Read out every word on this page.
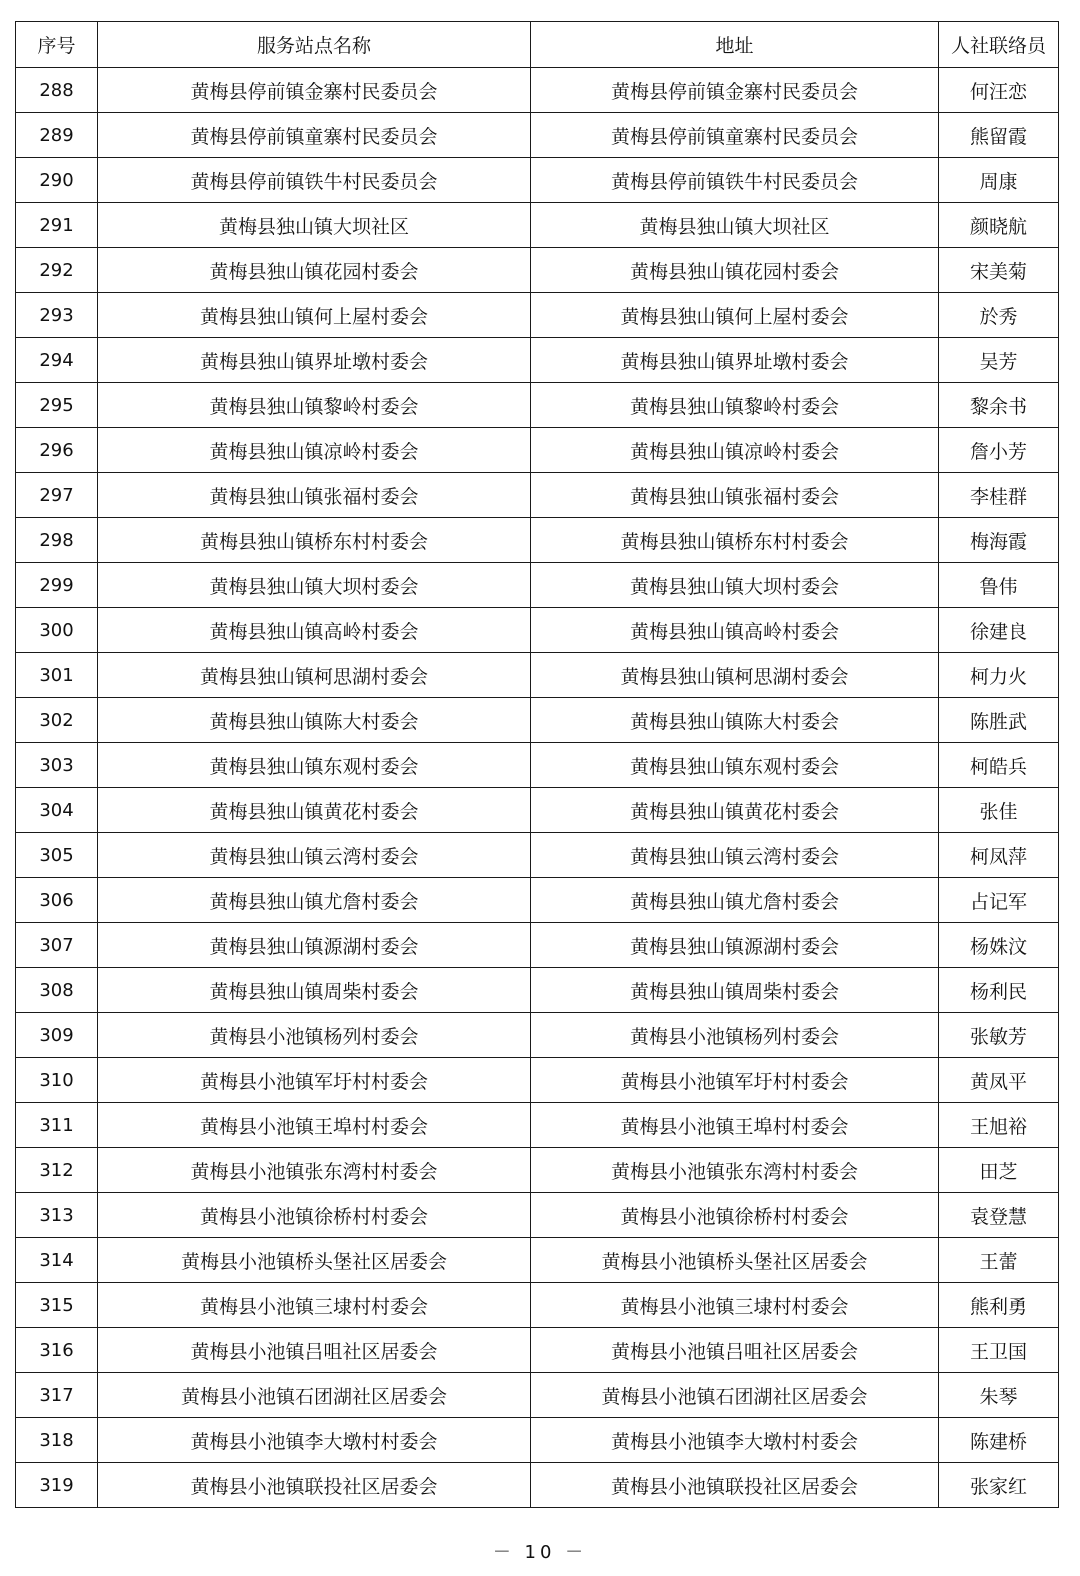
序号	服务站点名称	地址	人社联络员
288	黄梅县停前镇金寨村民委员会	黄梅县停前镇金寨村民委员会	何汪恋
289	黄梅县停前镇童寨村民委员会	黄梅县停前镇童寨村民委员会	熊留霞
290	黄梅县停前镇铁牛村民委员会	黄梅县停前镇铁牛村民委员会	周康
291	黄梅县独山镇大坝社区	黄梅县独山镇大坝社区	颜晓航
292	黄梅县独山镇花园村委会	黄梅县独山镇花园村委会	宋美菊
293	黄梅县独山镇何上屋村委会	黄梅县独山镇何上屋村委会	於秀
294	黄梅县独山镇界址墩村委会	黄梅县独山镇界址墩村委会	吴芳
295	黄梅县独山镇黎岭村委会	黄梅县独山镇黎岭村委会	黎余书
296	黄梅县独山镇凉岭村委会	黄梅县独山镇凉岭村委会	詹小芳
297	黄梅县独山镇张福村委会	黄梅县独山镇张福村委会	李桂群
298	黄梅县独山镇桥东村村委会	黄梅县独山镇桥东村村委会	梅海霞
299	黄梅县独山镇大坝村委会	黄梅县独山镇大坝村委会	鲁伟
300	黄梅县独山镇高岭村委会	黄梅县独山镇高岭村委会	徐建良
301	黄梅县独山镇柯思湖村委会	黄梅县独山镇柯思湖村委会	柯力火
302	黄梅县独山镇陈大村委会	黄梅县独山镇陈大村委会	陈胜武
303	黄梅县独山镇东观村委会	黄梅县独山镇东观村委会	柯皓兵
304	黄梅县独山镇黄花村委会	黄梅县独山镇黄花村委会	张佳
305	黄梅县独山镇云湾村委会	黄梅县独山镇云湾村委会	柯凤萍
306	黄梅县独山镇尤詹村委会	黄梅县独山镇尤詹村委会	占记军
307	黄梅县独山镇源湖村委会	黄梅县独山镇源湖村委会	杨姝汶
308	黄梅县独山镇周柴村委会	黄梅县独山镇周柴村委会	杨利民
309	黄梅县小池镇杨列村委会	黄梅县小池镇杨列村委会	张敏芳
310	黄梅县小池镇军圩村村委会	黄梅县小池镇军圩村村委会	黄凤平
311	黄梅县小池镇王埠村村委会	黄梅县小池镇王埠村村委会	王旭裕
312	黄梅县小池镇张东湾村村委会	黄梅县小池镇张东湾村村委会	田芝
313	黄梅县小池镇徐桥村村委会	黄梅县小池镇徐桥村村委会	袁登慧
314	黄梅县小池镇桥头堡社区居委会	黄梅县小池镇桥头堡社区居委会	王蕾
315	黄梅县小池镇三埭村村委会	黄梅县小池镇三埭村村委会	熊利勇
316	黄梅县小池镇吕咀社区居委会	黄梅县小池镇吕咀社区居委会	王卫国
317	黄梅县小池镇石团湖社区居委会	黄梅县小池镇石团湖社区居委会	朱琴
318	黄梅县小池镇李大墩村村委会	黄梅县小池镇李大墩村村委会	陈建桥
319	黄梅县小池镇联投社区居委会	黄梅县小池镇联投社区居委会	张家红
－ 10 －
